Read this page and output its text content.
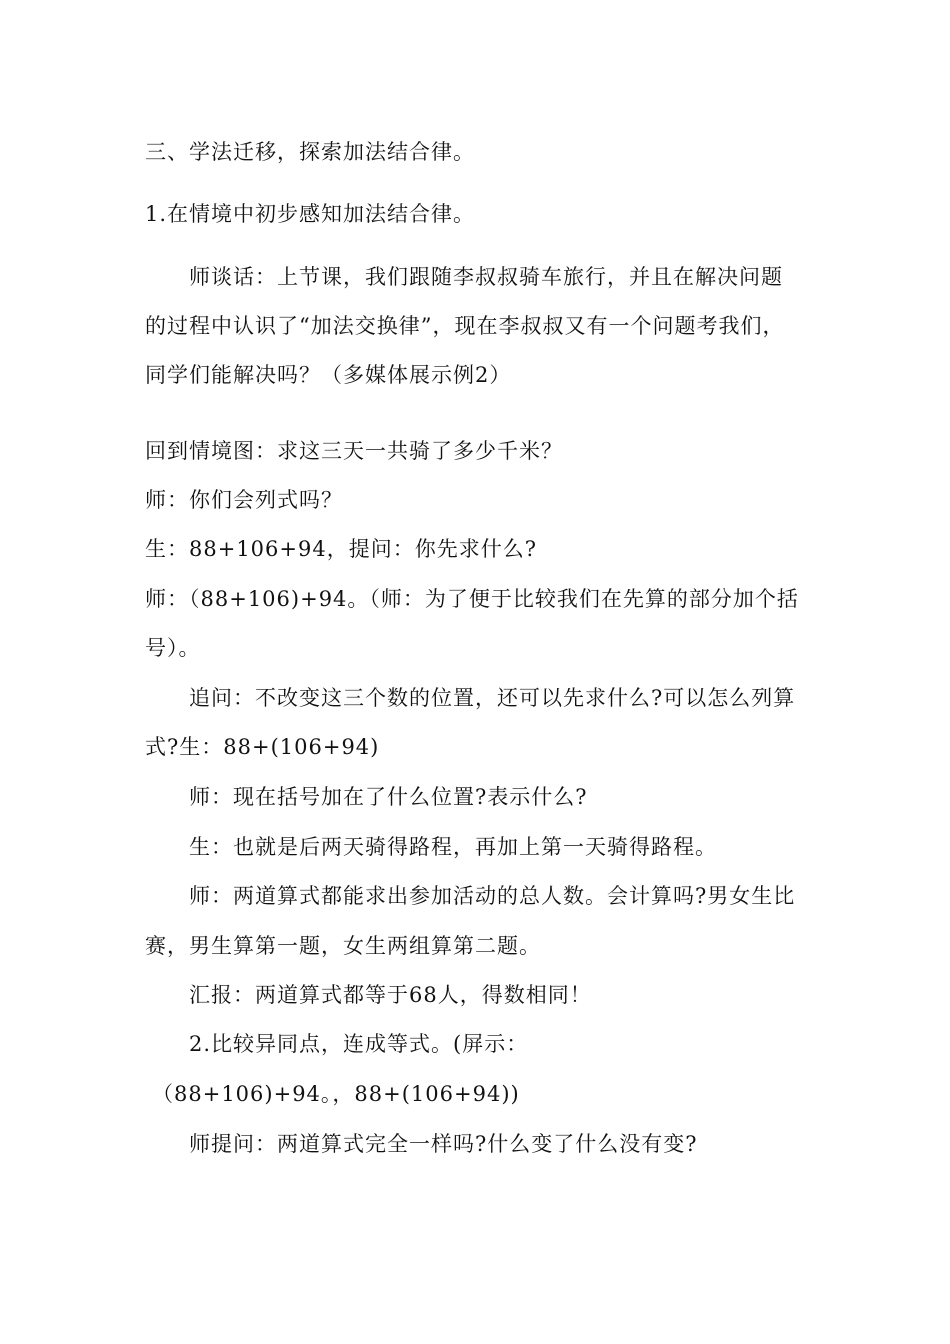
三、学法迁移，探索加法结合律。
1.在情境中初步感知加法结合律。
师谈话：上节课，我们跟随李叔叔骑车旅行，并且在解决问题
的过程中认识了“加法交换律”，现在李叔叔又有一个问题考我们，
同学们能解决吗？（多媒体展示例2）
回到情境图：求这三天一共骑了多少千米？
师：你们会列式吗？
生：88+106+94，提问：你先求什么?
师：（88+106)+94。（师：为了便于比较我们在先算的部分加个括
号）。
追问：不改变这三个数的位置，还可以先求什么?可以怎么列算
式?生：88+(106+94)
师：现在括号加在了什么位置?表示什么?
生：也就是后两天骑得路程，再加上第一天骑得路程。
师：两道算式都能求出参加活动的总人数。会计算吗?男女生比
赛，男生算第一题，女生两组算第二题。
汇报：两道算式都等于68人，得数相同！
2.比较异同点，连成等式。(屏示：
（88+106)+94。，88+(106+94))
师提问：两道算式完全一样吗?什么变了什么没有变?
